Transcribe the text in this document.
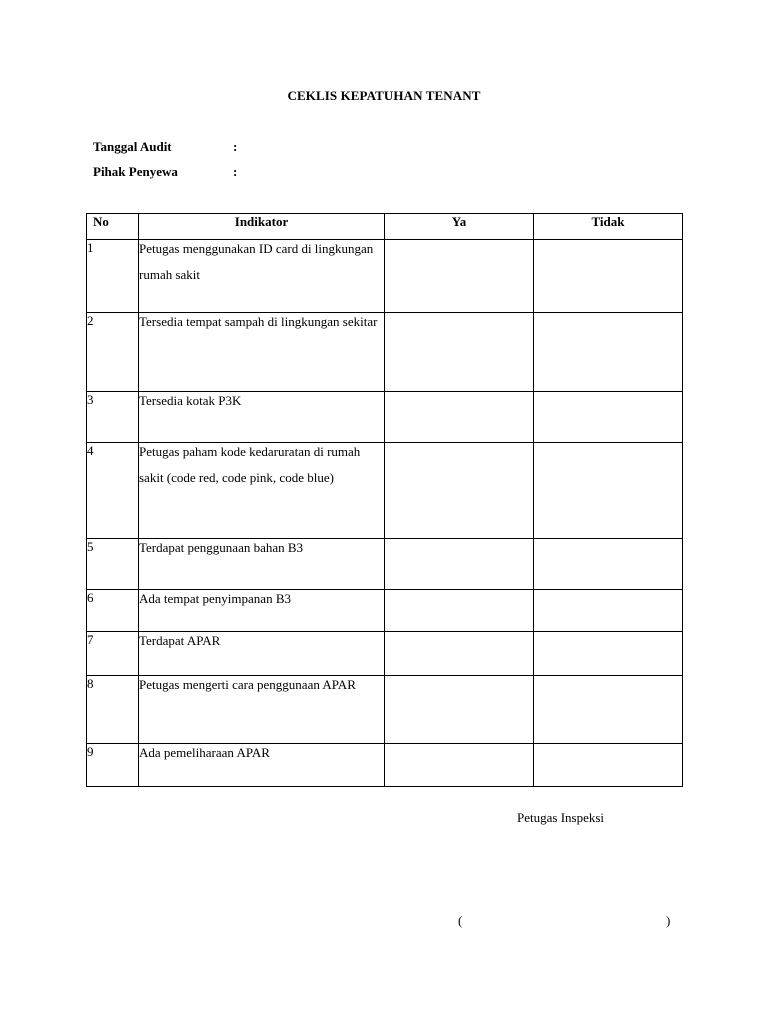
CEKLIS KEPATUHAN TENANT
Tanggal Audit	:
Pihak Penyewa	:
No	Indikator	Ya	Tidak
1	Petugas menggunakan ID card di lingkungan rumah sakit		

2	Tersedia tempat sampah di lingkungan sekitar		

3	Tersedia kotak P3K		

4	Petugas paham kode kedaruratan di rumah sakit (code red, code pink, code blue)		

5	Terdapat penggunaan bahan B3		

6	Ada tempat penyimpanan B3		

7	Terdapat APAR		

8	Petugas mengerti cara penggunaan APAR		

9	Ada pemeliharaan APAR		

Petugas Inspeksi
(	)
